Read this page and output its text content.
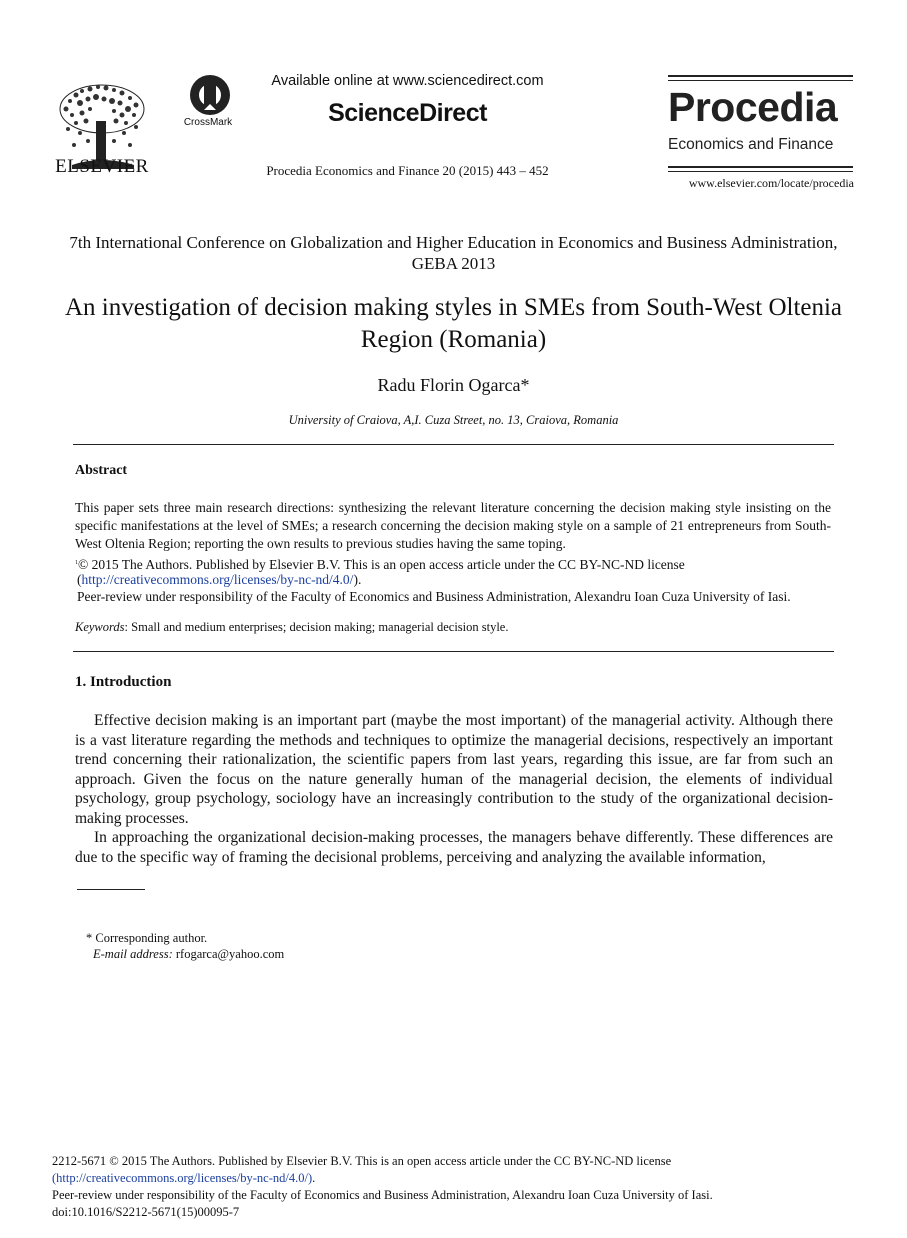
ELSEVIER
CrossMark
Available online at www.sciencedirect.com
ScienceDirect
Procedia Economics and Finance 20 (2015) 443 – 452
Procedia
Economics and Finance
www.elsevier.com/locate/procedia
7th International Conference on Globalization and Higher Education in Economics and Business Administration, GEBA 2013
An investigation of decision making styles in SMEs from South-West Oltenia Region (Romania)
Radu Florin Ogarca*
University of Craiova, A,I. Cuza Street, no. 13, Craiova, Romania
Abstract
This paper sets three main research directions: synthesizing the relevant literature concerning the decision making style insisting on the specific manifestations at the level of SMEs; a research concerning the decision making style on a sample of 21 entrepreneurs from South-West Oltenia Region; reporting the own results to previous studies having the same toping.
$^1$© 2015 The Authors. Published by Elsevier B.V. This is an open access article under the CC BY-NC-ND license
(http://creativecommons.org/licenses/by-nc-nd/4.0/).
Peer-review under responsibility of the Faculty of Economics and Business Administration, Alexandru Ioan Cuza University of Iasi.
Keywords: Small and medium enterprises; decision making; managerial decision style.
1. Introduction

Effective decision making is an important part (maybe the most important) of the managerial activity. Although there is a vast literature regarding the methods and techniques to optimize the managerial decisions, respectively an important trend concerning their rationalization, the scientific papers from last years, regarding this issue, are far from such an approach. Given the focus on the nature generally human of the managerial decision, the elements of individual psychology, group psychology, sociology have an increasingly contribution to the study of the organizational decision-making processes.

In approaching the organizational decision-making processes, the managers behave differently. These differences are due to the specific way of framing the decisional problems, perceiving and analyzing the available information,

* Corresponding author.
E-mail address: rfogarca@yahoo.com
2212-5671 © 2015 The Authors. Published by Elsevier B.V. This is an open access article under the CC BY-NC-ND license
(http://creativecommons.org/licenses/by-nc-nd/4.0/).
Peer-review under responsibility of the Faculty of Economics and Business Administration, Alexandru Ioan Cuza University of Iasi.
doi:10.1016/S2212-5671(15)00095-7
